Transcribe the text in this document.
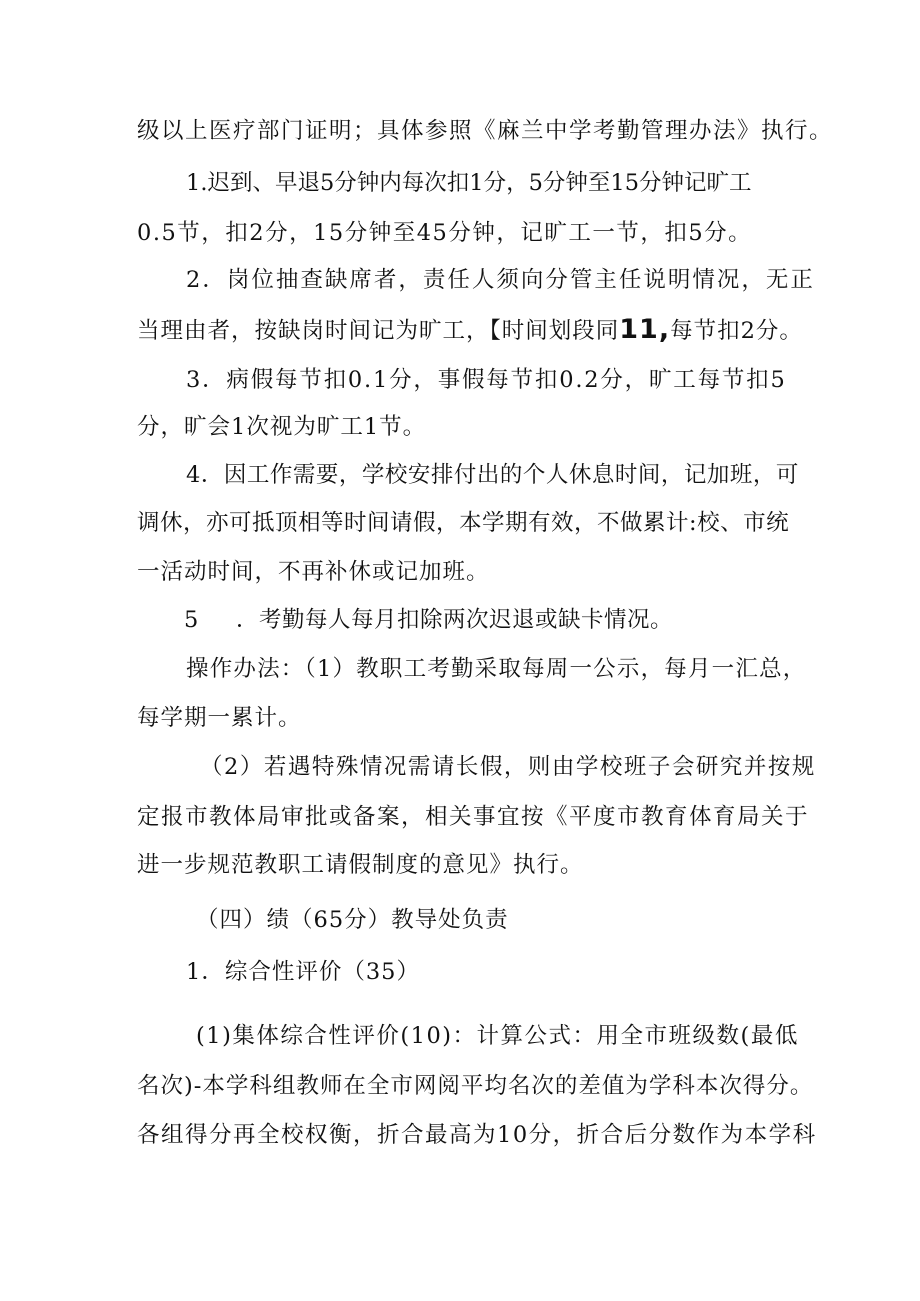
级以上医疗部门证明；具体参照《麻兰中学考勤管理办法》执行。
1.迟到、早退5分钟内每次扣1分，5分钟至15分钟记旷工
0.5节，扣2分，15分钟至45分钟，记旷工一节，扣5分。
2．岗位抽查缺席者，责任人须向分管主任说明情况，无正
当理由者，按缺岗时间记为旷工，【时间划段同11,每节扣2分。
3．病假每节扣0.1分，事假每节扣0.2分，旷工每节扣5
分，旷会1次视为旷工1节。
4．因工作需要，学校安排付出的个人休息时间，记加班，可
调休，亦可抵顶相等时间请假，本学期有效，不做累计:校、市统
一活动时间，不再补休或记加班。
5 ．考勤每人每月扣除两次迟退或缺卡情况。
操作办法：（1）教职工考勤采取每周一公示，每月一汇总，
每学期一累计。
（2）若遇特殊情况需请长假，则由学校班子会研究并按规
定报市教体局审批或备案，相关事宜按《平度市教育体育局关于
进一步规范教职工请假制度的意见》执行。
（四）绩（65分）教导处负责
1．综合性评价（35）
(1)集体综合性评价(10)：计算公式：用全市班级数(最低
名次)-本学科组教师在全市网阅平均名次的差值为学科本次得分。
各组得分再全校权衡，折合最高为10分，折合后分数作为本学科
